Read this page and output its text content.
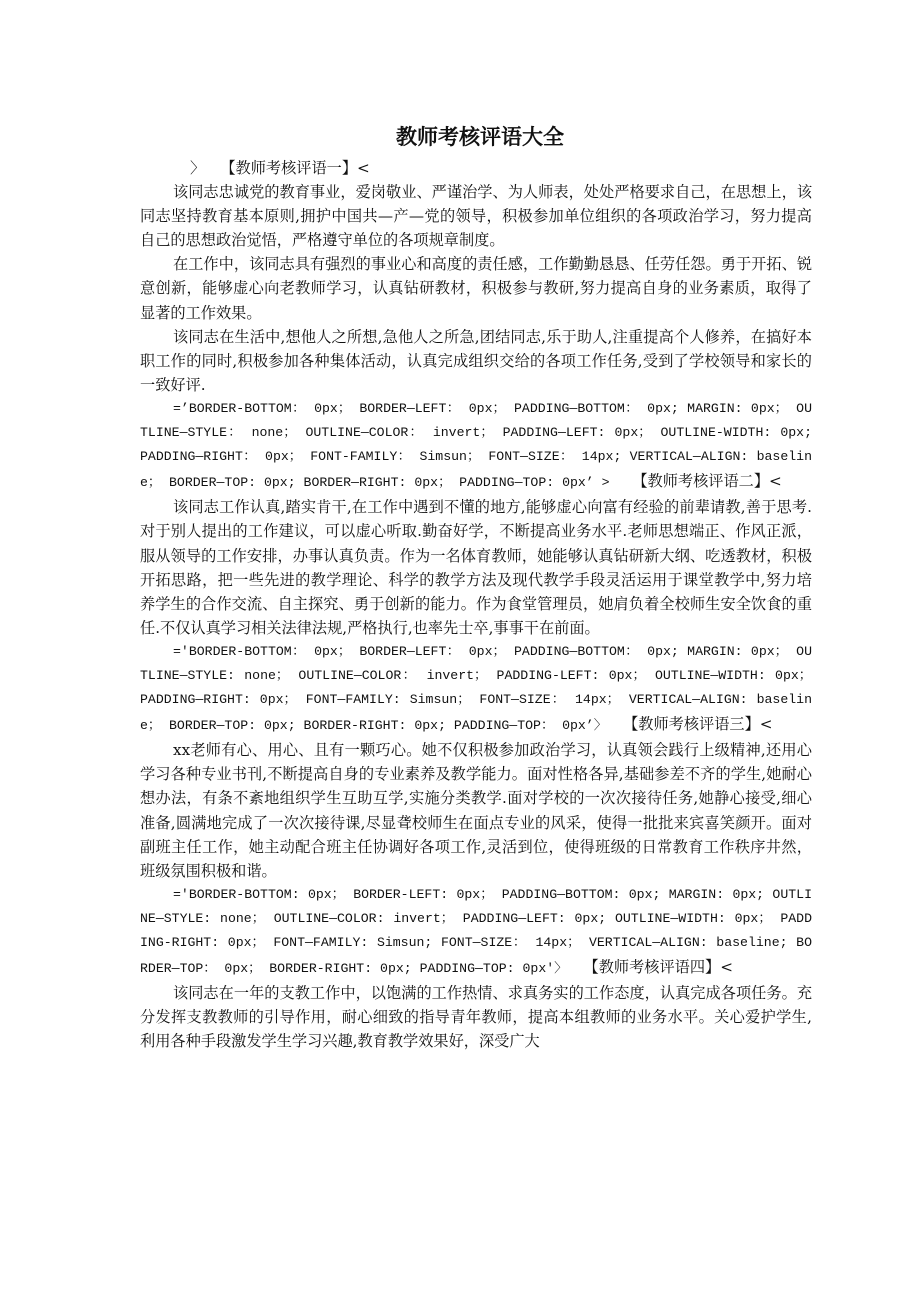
教师考核评语大全

〉　　【教师考核评语一】<

该同志忠诚党的教育事业，爱岗敬业、严谨治学、为人师表，处处严格要求自己，在思想上，该同志坚持教育基本原则,拥护中国共—产—党的领导，积极参加单位组织的各项政治学习，努力提高自己的思想政治觉悟，严格遵守单位的各项规章制度。

在工作中，该同志具有强烈的事业心和高度的责任感，工作勤勤恳恳、任劳任怨。勇于开拓、锐意创新，能够虚心向老教师学习，认真钻研教材，积极参与教研,努力提高自身的业务素质，取得了显著的工作效果。

该同志在生活中,想他人之所想,急他人之所急,团结同志,乐于助人,注重提高个人修养，在搞好本职工作的同时,积极参加各种集体活动，认真完成组织交给的各项工作任务,受到了学校领导和家长的一致好评.

=’BORDER-BOTTOM： 0px； BORDER—LEFT： 0px； PADDING—BOTTOM： 0px; MARGIN: 0px； OUTLINE—STYLE： none； OUTLINE—COLOR： invert； PADDING—LEFT: 0px； OUTLINE-WIDTH: 0px; PADDING—RIGHT： 0px； FONT-FAMILY： Simsun； FONT—SIZE： 14px; VERTICAL—ALIGN: baseline； BORDER—TOP: 0px; BORDER—RIGHT: 0px； PADDING—TOP: 0px’ >　　【教师考核评语二】<

该同志工作认真,踏实肯干,在工作中遇到不懂的地方,能够虚心向富有经验的前辈请教,善于思考.对于别人提出的工作建议，可以虚心听取.勤奋好学，不断提高业务水平.老师思想端正、作风正派，服从领导的工作安排，办事认真负责。作为一名体育教师，她能够认真钻研新大纲、吃透教材，积极开拓思路，把一些先进的教学理论、科学的教学方法及现代教学手段灵活运用于课堂教学中,努力培养学生的合作交流、自主探究、勇于创新的能力。作为食堂管理员，她肩负着全校师生安全饮食的重任.不仅认真学习相关法律法规,严格执行,也率先士卒,事事干在前面。

='BORDER-BOTTOM： 0px； BORDER—LEFT： 0px； PADDING—BOTTOM： 0px; MARGIN: 0px； OUTLINE—STYLE: none； OUTLINE—COLOR： invert； PADDING-LEFT: 0px； OUTLINE—WIDTH: 0px； PADDING—RIGHT: 0px； FONT—FAMILY: Simsun； FONT—SIZE： 14px； VERTICAL—ALIGN: baseline； BORDER—TOP: 0px; BORDER-RIGHT: 0px; PADDING—TOP： 0px’〉　　【教师考核评语三】<

xx老师有心、用心、且有一颗巧心。她不仅积极参加政治学习，认真领会践行上级精神,还用心学习各种专业书刊,不断提高自身的专业素养及教学能力。面对性格各异,基础参差不齐的学生,她耐心想办法，有条不紊地组织学生互助互学,实施分类教学.面对学校的一次次接待任务,她静心接受,细心准备,圆满地完成了一次次接待课,尽显聋校师生在面点专业的风采，使得一批批来宾喜笑颜开。面对副班主任工作，她主动配合班主任协调好各项工作,灵活到位，使得班级的日常教育工作秩序井然，班级氛围积极和谐。

='BORDER-BOTTOM: 0px； BORDER-LEFT: 0px； PADDING—BOTTOM: 0px; MARGIN: 0px; OUTLINE—STYLE: none； OUTLINE—COLOR: invert； PADDING—LEFT: 0px; OUTLINE—WIDTH: 0px； PADDING-RIGHT: 0px； FONT—FAMILY: Simsun; FONT—SIZE： 14px； VERTICAL—ALIGN: baseline; BORDER—TOP： 0px； BORDER-RIGHT: 0px; PADDING—TOP: 0px'〉　　【教师考核评语四】<

该同志在一年的支教工作中，以饱满的工作热情、求真务实的工作态度，认真完成各项任务。充分发挥支教教师的引导作用，耐心细致的指导青年教师，提高本组教师的业务水平。关心爱护学生,利用各种手段激发学生学习兴趣,教育教学效果好，深受广大
